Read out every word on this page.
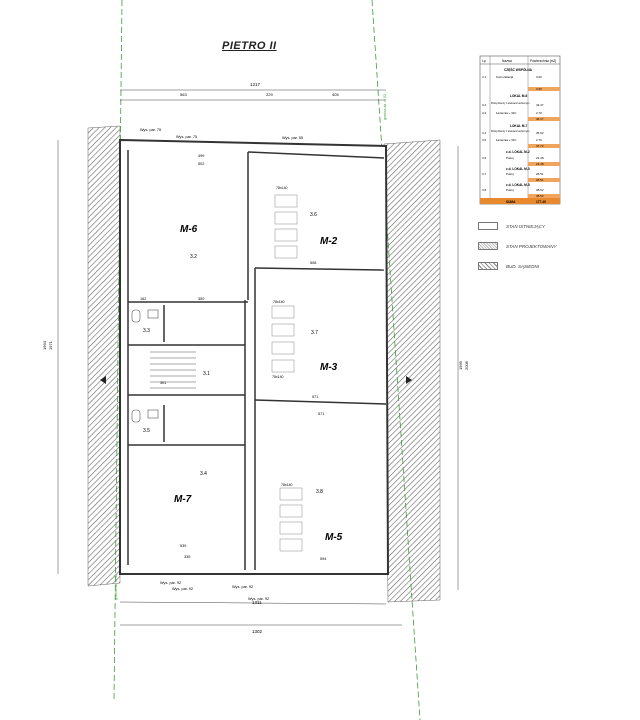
M-6
3.2
M-2
3.6
M-3
3.7
M-7
3.4
M-5
3.8
3.3
3.5
3.1
78x140
78x140
78x140
78x140
Wys. par. 75
Wys. par. 75	Wys. par. 55
Wys. par. 92
Wys. par. 92	Wys. par. 92
Wys. par. 92
1217
563	229	405
1311
1302
1994 1971
1999 2006
499
502
162	350
508
571
539
335	594
571
301
granica dz. nr 11
granica dz. nr 52
Lp.	Nazwa	Powierzchnia [m2]
CZĘŚĆ WSPÓLNA
3.1	Komunikacja	3.09
3.09
LOKAL M-6
3.2 Pokój dzienny z aneksem kuchennym 43.47
3.3	Łazienka + WC	2.70
46.17
LOKAL M-7
3.4 Pokój dzienny z aneksem kuchennym 35.02
3.5	Łazienka + WC	2.70
37.72
c.d. LOKAL M-2
3.6	Pokój	23.48
23.48
c.d. LOKAL M-3
3.7	Pokój	28.51
28.51
c.d. LOKAL M-5
3.8	Pokój	38.52
38.52
SUMA	177.49
PIETRO II
STAN ISTNIEJĄCY
STAN PROJEKTOWANY
BUD. SĄSIEDNI
